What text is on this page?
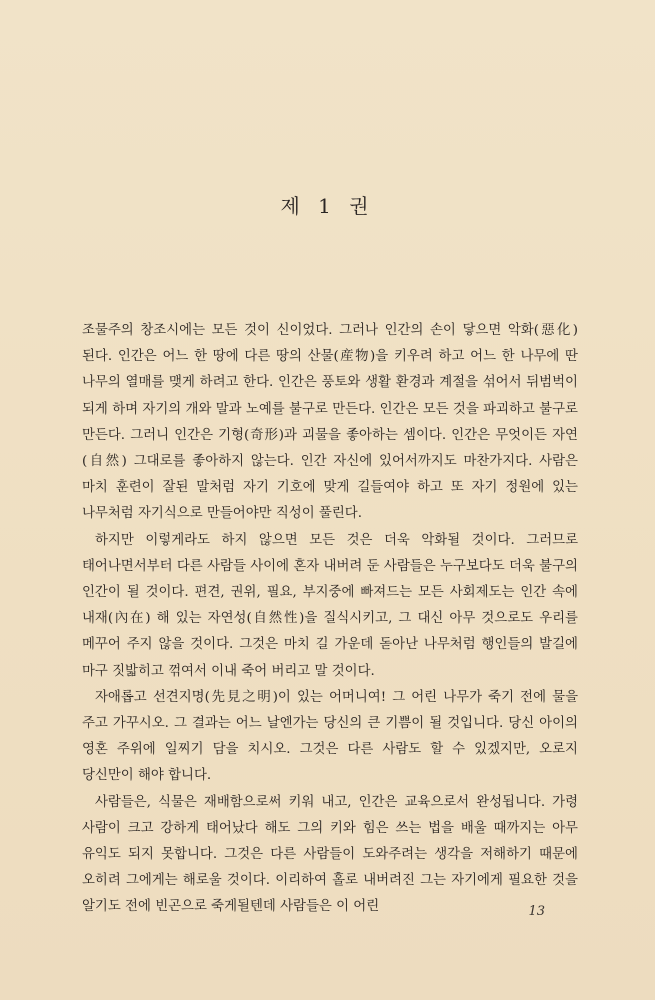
제 1 권

조물주의 창조시에는 모든 것이 신이었다. 그러나 인간의 손이 닿으면 악화(惡化)된다. 인간은 어느 한 땅에 다른 땅의 산물(産物)을 키우려 하고 어느 한 나무에 딴 나무의 열매를 맺게 하려고 한다. 인간은 풍토와 생활 환경과 계절을 섞어서 뒤범벅이 되게 하며 자기의 개와 말과 노예를 불구로 만든다. 인간은 모든 것을 파괴하고 불구로 만든다. 그러니 인간은 기형(奇形)과 괴물을 좋아하는 셈이다. 인간은 무엇이든 자연(自然) 그대로를 좋아하지 않는다. 인간 자신에 있어서까지도 마찬가지다. 사람은 마치 훈련이 잘된 말처럼 자기 기호에 맞게 길들여야 하고 또 자기 정원에 있는 나무처럼 자기식으로 만들어야만 직성이 풀린다.

하지만 이렇게라도 하지 않으면 모든 것은 더욱 악화될 것이다. 그러므로 태어나면서부터 다른 사람들 사이에 혼자 내버려 둔 사람들은 누구보다도 더욱 불구의 인간이 될 것이다. 편견, 권위, 필요, 부지중에 빠져드는 모든 사회제도는 인간 속에 내재(內在) 해 있는 자연성(自然性)을 질식시키고, 그 대신 아무 것으로도 우리를 메꾸어 주지 않을 것이다. 그것은 마치 길 가운데 돋아난 나무처럼 행인들의 발길에 마구 짓밟히고 꺾여서 이내 죽어 버리고 말 것이다.

자애롭고 선견지명(先見之明)이 있는 어머니여! 그 어린 나무가 죽기 전에 물을 주고 가꾸시오. 그 결과는 어느 날엔가는 당신의 큰 기쁨이 될 것입니다. 당신 아이의 영혼 주위에 일찌기 담을 치시오. 그것은 다른 사람도 할 수 있겠지만, 오로지 당신만이 해야 합니다.

사람들은, 식물은 재배함으로써 키워 내고, 인간은 교육으로서 완성됩니다. 가령 사람이 크고 강하게 태어났다 해도 그의 키와 힘은 쓰는 법을 배울 때까지는 아무 유익도 되지 못합니다. 그것은 다른 사람들이 도와주려는 생각을 저해하기 때문에 오히려 그에게는 해로울 것이다. 이리하여 홀로 내버려진 그는 자기에게 필요한 것을 알기도 전에 빈곤으로 죽게될텐데 사람들은 이 어린	13
